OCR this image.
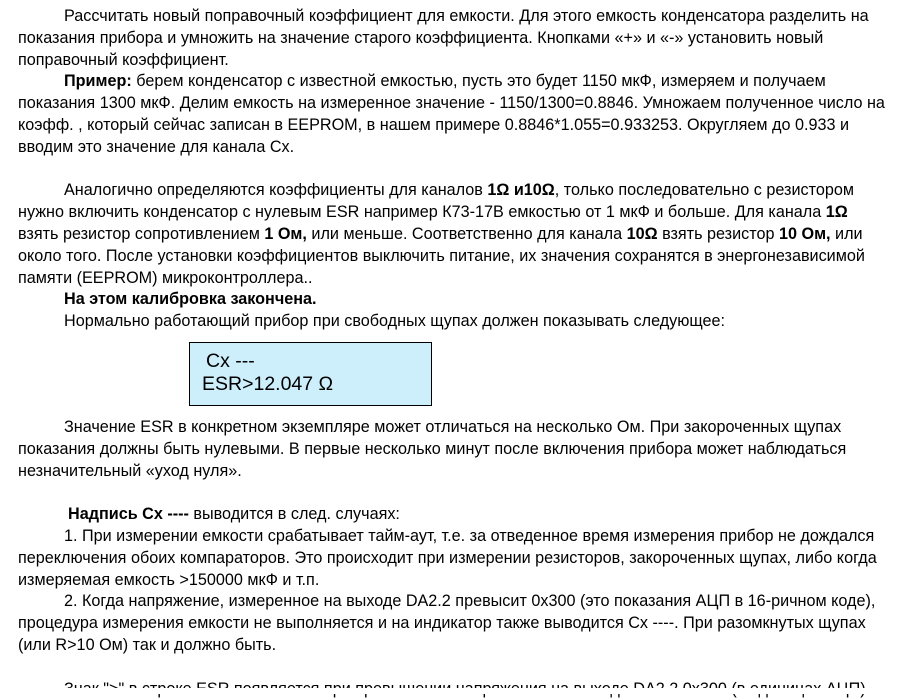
Рассчитать новый поправочный коэффициент для емкости. Для этого емкость конденсатора разделить на показания прибора и умножить на значение старого коэффициента. Кнопками «+» и «-» установить новый поправочный коэффициент.

Пример: берем конденсатор с известной емкостью, пусть это будет 1150 мкФ, измеряем и получаем показания 1300 мкФ. Делим емкость на измеренное значение - 1150/1300=0.8846. Умножаем полученное число на коэфф. , который сейчас записан в EEPROM, в нашем примере 0.8846*1.055=0.933253. Округляем до 0.933 и вводим это значение для канала Cx.

Аналогично определяются коэффициенты для каналов 1Ω и10Ω, только последовательно с резистором нужно включить конденсатор с нулевым ESR например К73-17В емкостью от 1 мкФ и больше. Для канала 1Ω взять резистор сопротивлением 1 Ом, или меньше. Соответственно для канала 10Ω взять резистор 10 Ом, или около того. После установки коэффициентов выключить питание, их значения сохранятся в энергонезависимой памяти (EEPROM) микроконтроллера..

На этом калибровка закончена.

Нормально работающий прибор при свободных щупах должен показывать следующее:

Cx ---
ESR>12.047 Ω

Значение ESR в конкретном экземпляре может отличаться на несколько Ом. При закороченных щупах показания должны быть нулевыми. В первые несколько минут после включения прибора может наблюдаться незначительный «уход нуля».

Надпись Cx ---- выводится в след. случаях:

1. При измерении емкости срабатывает тайм-аут, т.е. за отведенное время измерения прибор не дождался переключения обоих компараторов. Это происходит при измерении резисторов, закороченных щупах, либо когда измеряемая емкость >150000 мкФ и т.п.

2. Когда напряжение, измеренное на выходе DA2.2 превысит 0x300 (это показания АЦП в 16-ричном коде), процедура измерения емкости не выполняется и на индикатор также выводится Cx ----. При разомкнутых щупах (или R>10 Ом) так и должно быть.
